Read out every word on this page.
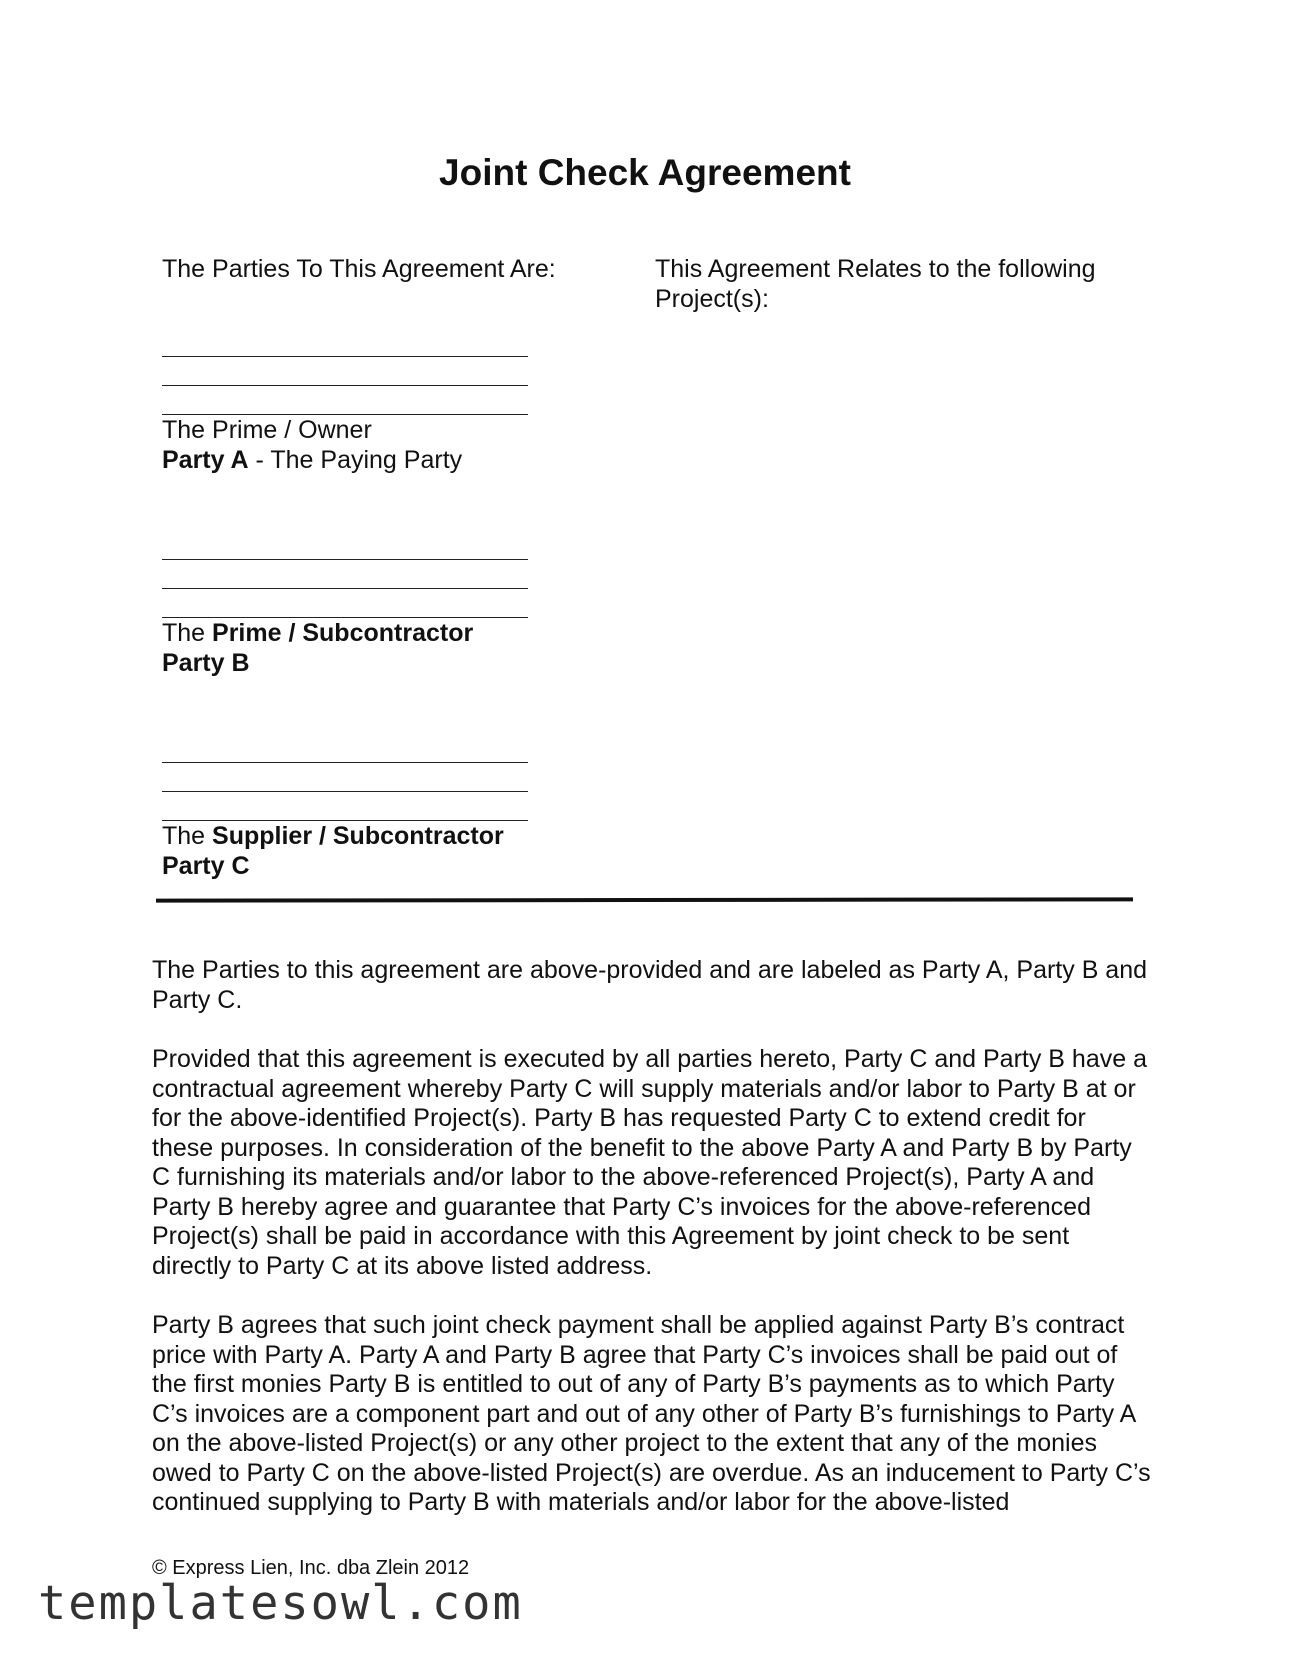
Joint Check Agreement

The Parties To This Agreement Are:

The Prime / Owner

Party A - The Paying Party

The Prime / Subcontractor

Party B

The Supplier / Subcontractor

Party C

This Agreement Relates to the following Project(s):

The Parties to this agreement are above-provided and are labeled as Party A, Party B and Party C.

Provided that this agreement is executed by all parties hereto, Party C and Party B have a contractual agreement whereby Party C will supply materials and/or labor to Party B at or for the above-identified Project(s). Party B has requested Party C to extend credit for these purposes. In consideration of the benefit to the above Party A and Party B by Party C furnishing its materials and/or labor to the above-referenced Project(s), Party A and Party B hereby agree and guarantee that Party C’s invoices for the above-referenced Project(s) shall be paid in accordance with this Agreement by joint check to be sent directly to Party C at its above listed address.

Party B agrees that such joint check payment shall be applied against Party B’s contract price with Party A. Party A and Party B agree that Party C’s invoices shall be paid out of the first monies Party B is entitled to out of any of Party B’s payments as to which Party C’s invoices are a component part and out of any other of Party B’s furnishings to Party A on the above-listed Project(s) or any other project to the extent that any of the monies owed to Party C on the above-listed Project(s) are overdue. As an inducement to Party C’s continued supplying to Party B with materials and/or labor for the above-listed

© Express Lien, Inc. dba Zlein 2012
templatesowl.com
